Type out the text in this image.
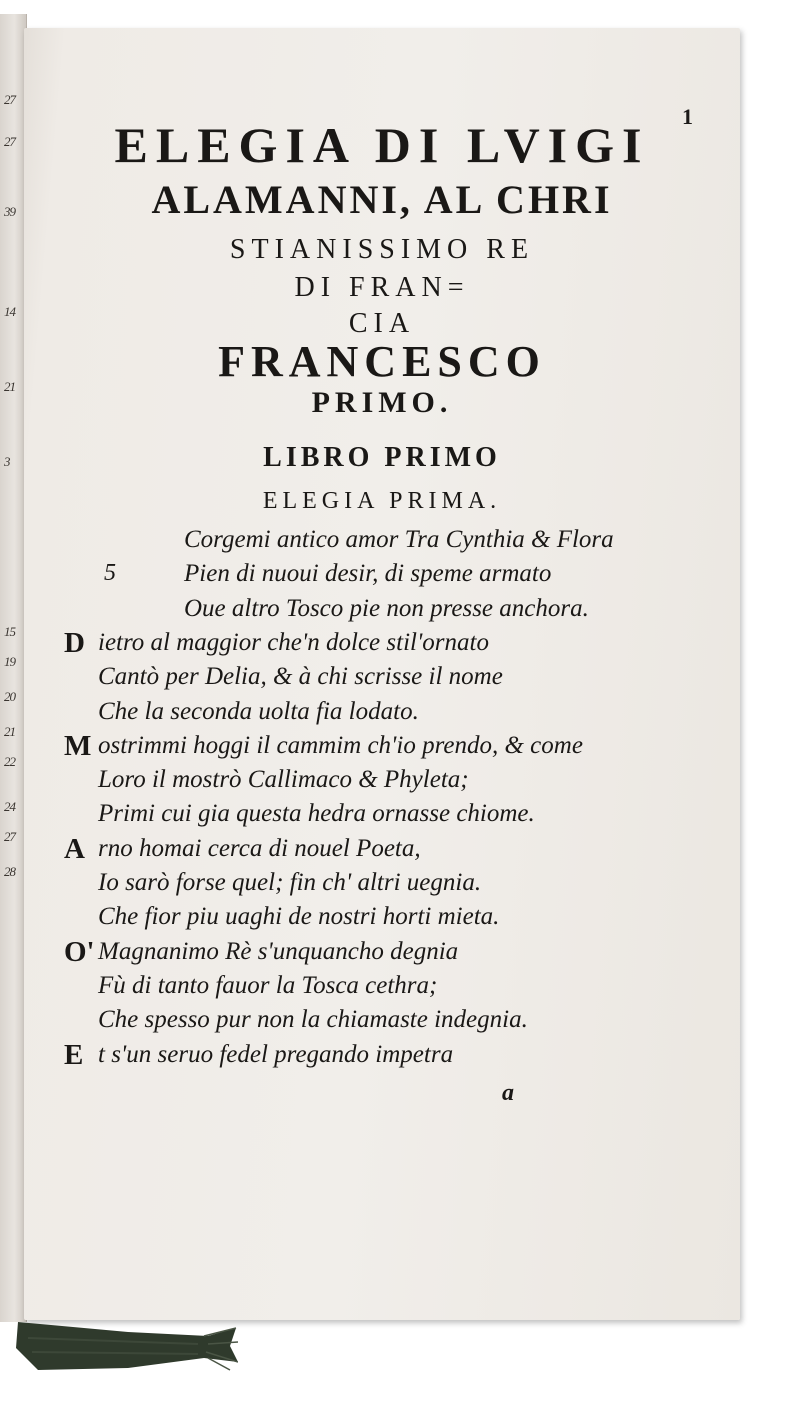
27
27
39
14
21
3
15
19
20
21
22
24
27
28
1
ELEGIA DI LVIGI
ALAMANNI, AL CHRI
STIANISSIMO RE
DI FRAN=
CIA
FRANCESCO
PRIMO.
LIBRO PRIMO
ELEGIA PRIMA.
Corgemi antico amor Tra Cynthia & Flora
5	Pien di nuoui desir, di speme armato
Oue altro Tosco pie non presse anchora.
D ietro al maggior che'n dolce stil'ornato
Cantò per Delia, & à chi scrisse il nome
Che la seconda uolta fia lodato.
M ostrimmi hoggi il cammim ch'io prendo, & come
Loro il mostrò Callimaco & Phyleta;
Primi cui gia questa hedra ornasse chiome.
A rno homai cerca di nouel Poeta,
Io sarò forse quel; fin ch' altri uegnia.
Che fior piu uaghi de nostri horti mieta.
O' Magnanimo Rè s'unquancho degnia
Fù di tanto fauor la Tosca cethra;
Che spesso pur non la chiamaste indegnia.
E t s'un seruo fedel pregando impetra
a
